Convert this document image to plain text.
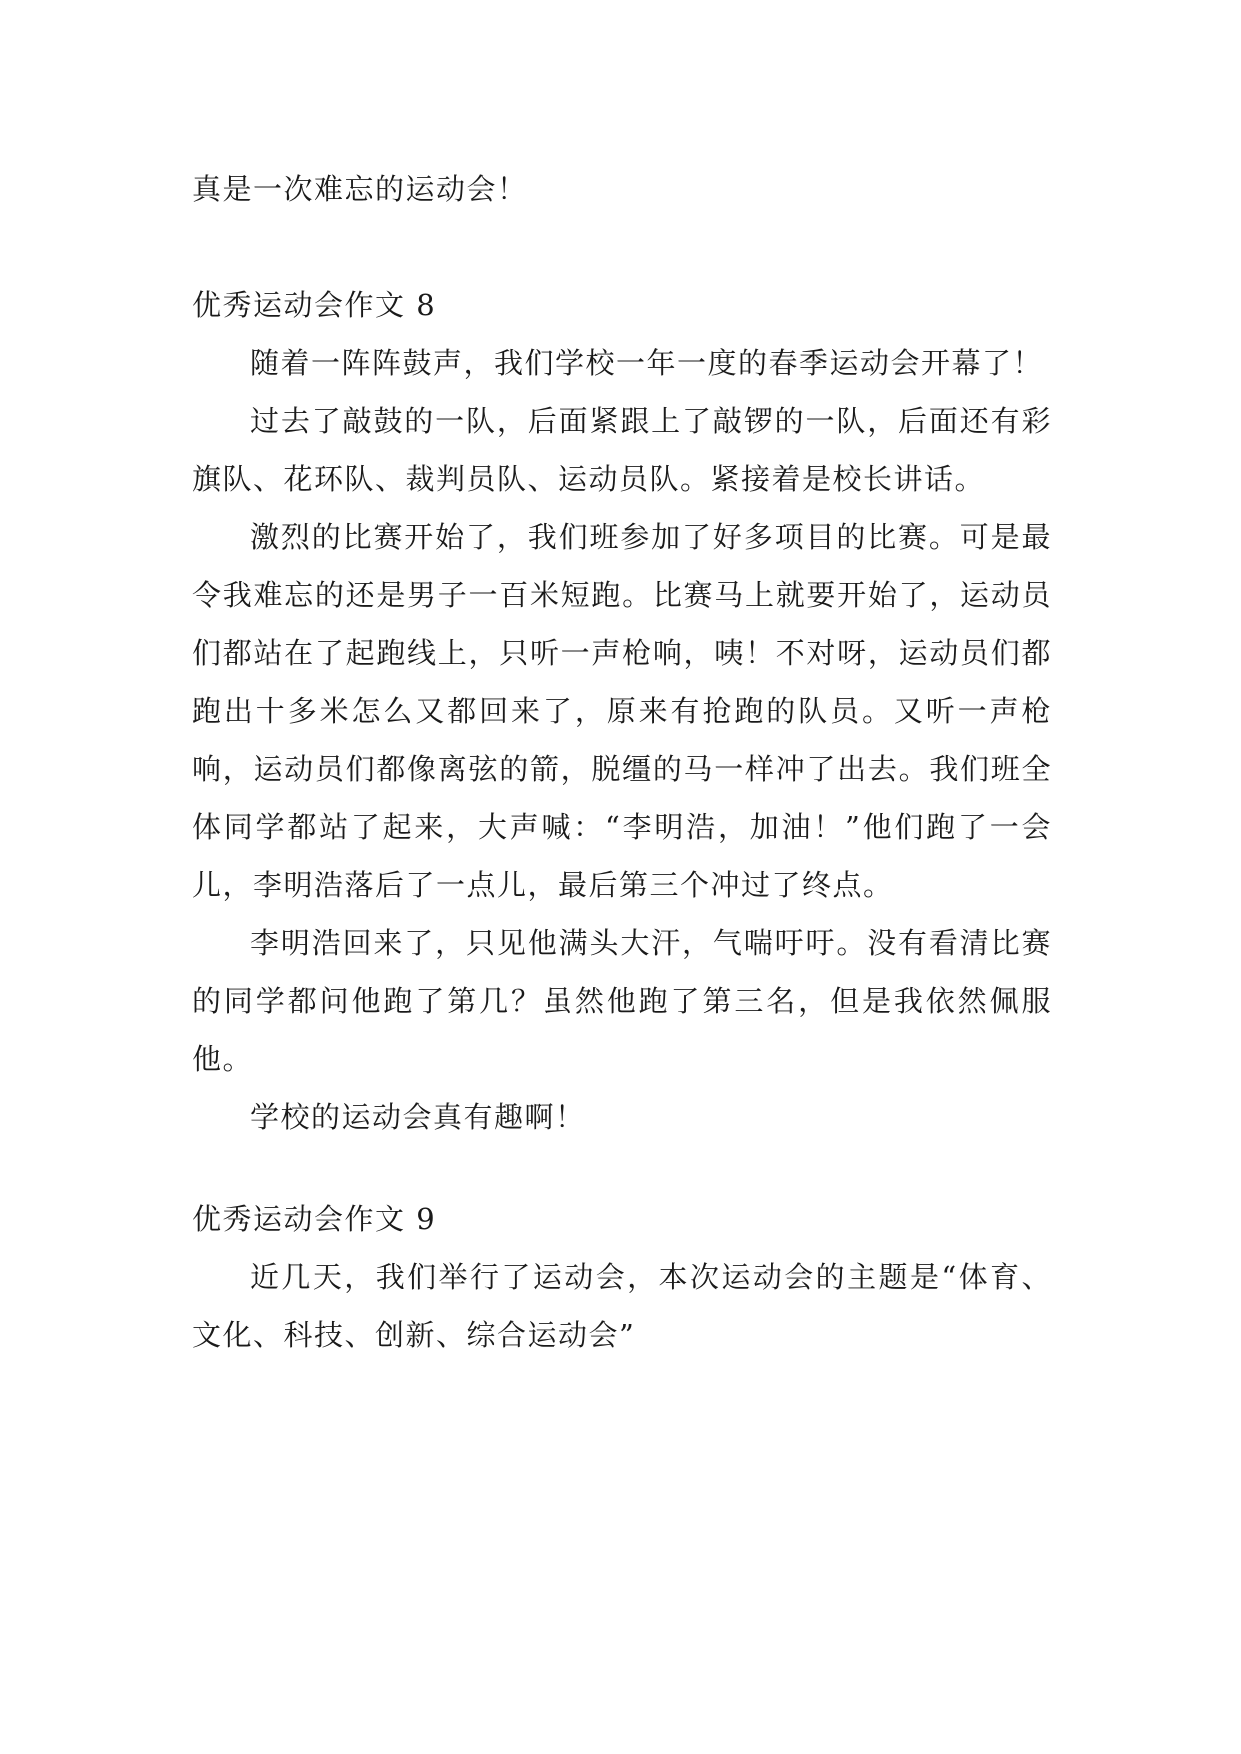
真是一次难忘的运动会！

优秀运动会作文 8

随着一阵阵鼓声，我们学校一年一度的春季运动会开幕了！

过去了敲鼓的一队，后面紧跟上了敲锣的一队，后面还有彩旗队、花环队、裁判员队、运动员队。紧接着是校长讲话。

激烈的比赛开始了，我们班参加了好多项目的比赛。可是最令我难忘的还是男子一百米短跑。比赛马上就要开始了，运动员们都站在了起跑线上，只听一声枪响，咦！不对呀，运动员们都跑出十多米怎么又都回来了，原来有抢跑的队员。又听一声枪响，运动员们都像离弦的箭，脱缰的马一样冲了出去。我们班全体同学都站了起来，大声喊：“李明浩，加油！”他们跑了一会儿，李明浩落后了一点儿，最后第三个冲过了终点。

李明浩回来了，只见他满头大汗，气喘吁吁。没有看清比赛的同学都问他跑了第几？虽然他跑了第三名，但是我依然佩服他。

学校的运动会真有趣啊！

优秀运动会作文 9

近几天，我们举行了运动会，本次运动会的主题是“体育、文化、科技、创新、综合运动会”
